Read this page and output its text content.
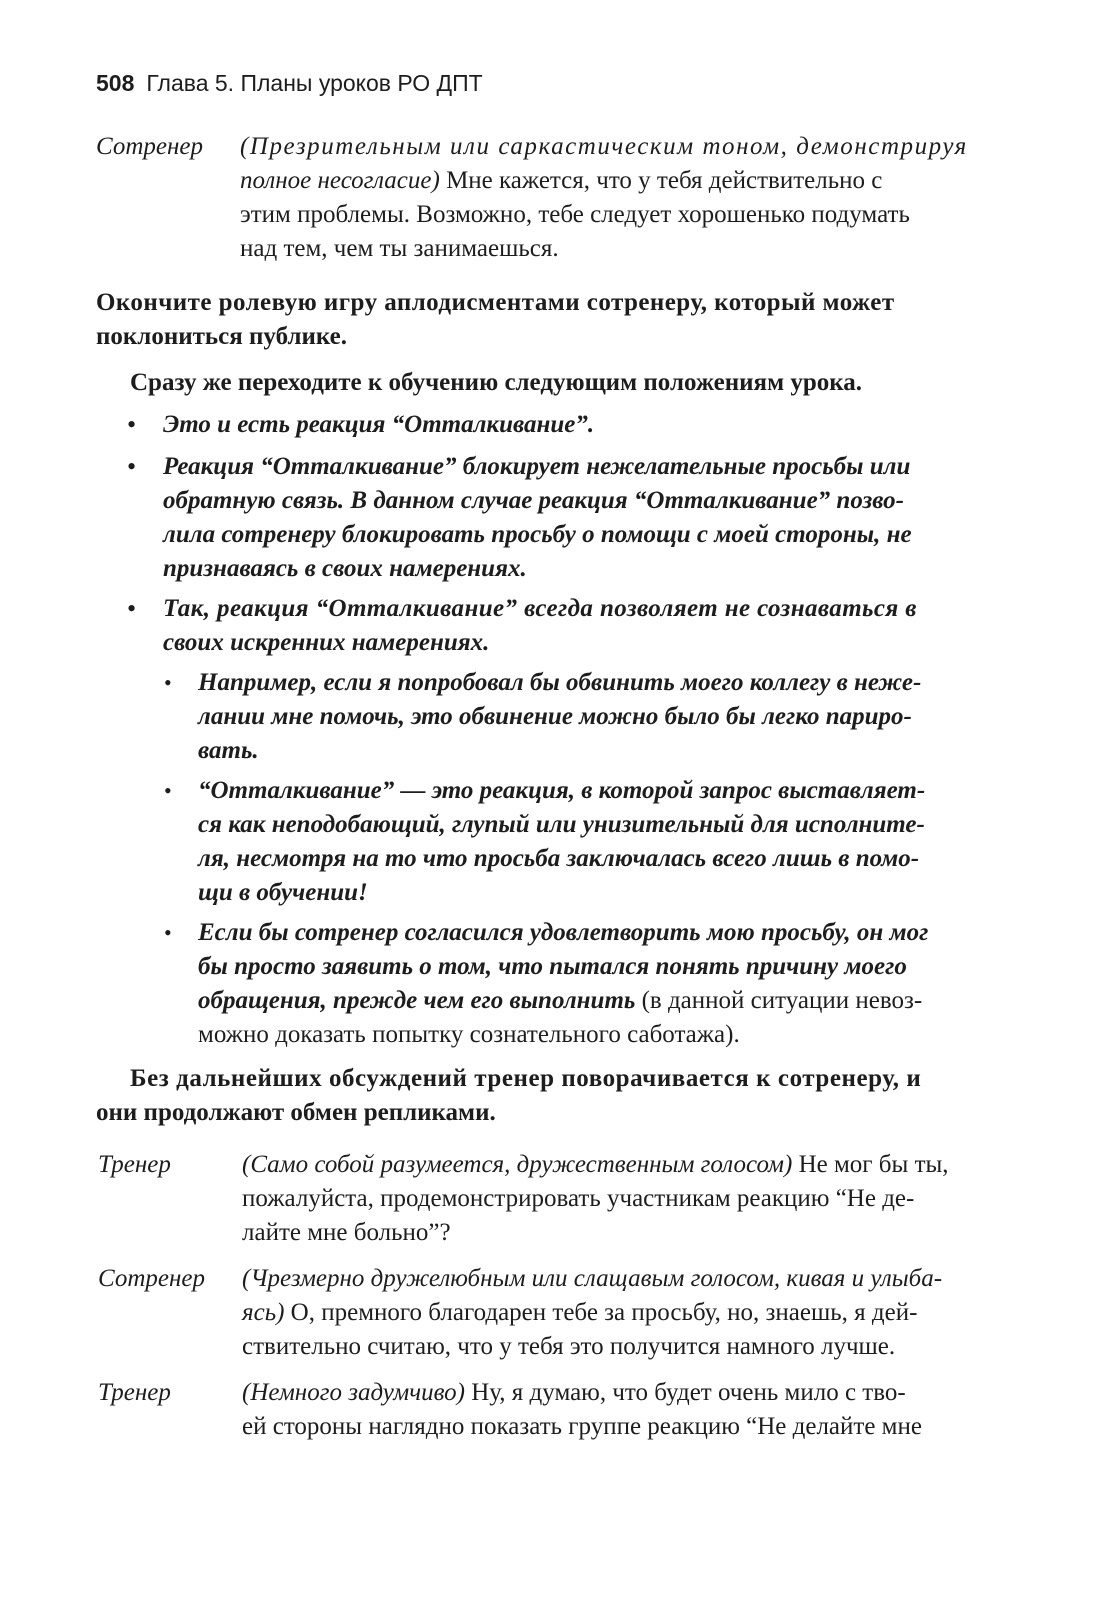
508 Глава 5. Планы уроков РО ДПТ
Сотренер (Презрительным или саркастическим тоном, демонстрируя
полное несогласие) Мне кажется, что у тебя действительно с
этим проблемы. Возможно, тебе следует хорошенько подумать
над тем, чем ты занимаешься.
Окончите ролевую игру аплодисментами сотренеру, который может
поклониться публике.
Сразу же переходите к обучению следующим положениям урока.
• Это и есть реакция “Отталкивание”.
• Реакция “Отталкивание” блокирует нежелательные просьбы или
обратную связь. В данном случае реакция “Отталкивание” позво-
лила сотренеру блокировать просьбу о помощи с моей стороны, не
признаваясь в своих намерениях.
• Так, реакция “Отталкивание” всегда позволяет не сознаваться в
своих искренних намерениях.
• Например, если я попробовал бы обвинить моего коллегу в неже-
лании мне помочь, это обвинение можно было бы легко париро-
вать.
• “Отталкивание” — это реакция, в которой запрос выставляет-
ся как неподобающий, глупый или унизительный для исполните-
ля, несмотря на то что просьба заключалась всего лишь в помо-
щи в обучении!
• Если бы сотренер согласился удовлетворить мою просьбу, он мог
бы просто заявить о том, что пытался понять причину моего
обращения, прежде чем его выполнить (в данной ситуации невоз-
можно доказать попытку сознательного саботажа).
Без дальнейших обсуждений тренер поворачивается к сотренеру, и
они продолжают обмен репликами.
Тренер	(Само собой разумеется, дружественным голосом) Не мог бы ты,
пожалуйста, продемонстрировать участникам реакцию “Не де-
лайте мне больно”?
Сотренер (Чрезмерно дружелюбным или слащавым голосом, кивая и улыба-
ясь) О, премного благодарен тебе за просьбу, но, знаешь, я дей-
ствительно считаю, что у тебя это получится намного лучше.
Тренер	(Немного задумчиво) Ну, я думаю, что будет очень мило с тво-
ей стороны наглядно показать группе реакцию “Не делайте мне
